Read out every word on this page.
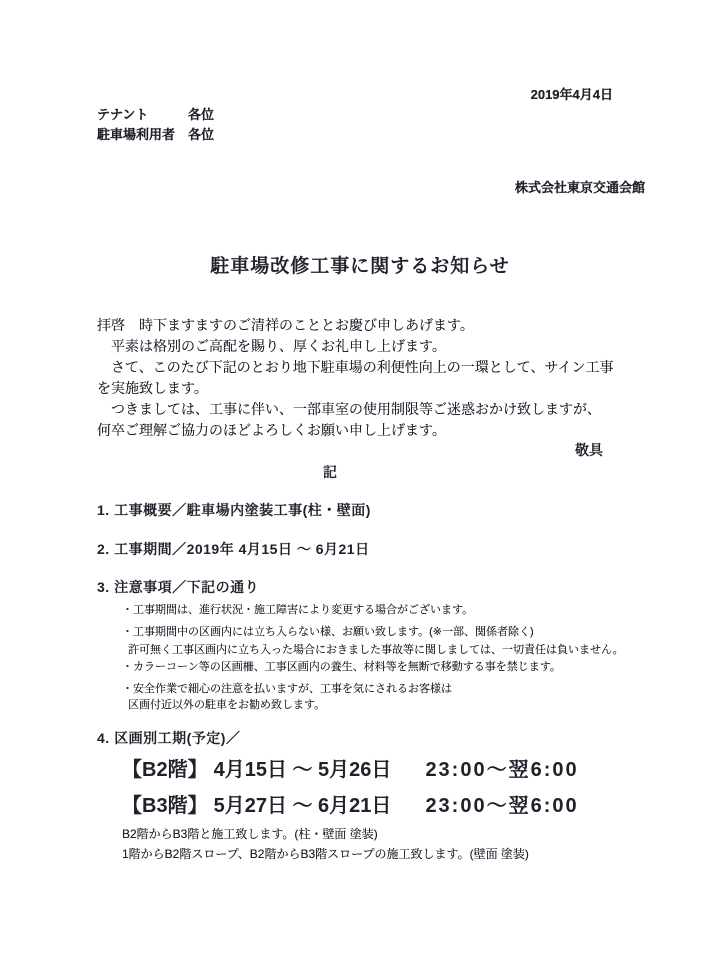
2019年4月4日
テナント	各位
駐車場利用者 各位
株式会社東京交通会館
駐車場改修工事に関するお知らせ
拝啓　時下ますますのご清祥のこととお慶び申しあげます。
　平素は格別のご高配を賜り、厚くお礼申し上げます。
　さて、このたび下記のとおり地下駐車場の利便性向上の一環として、サイン工事
を実施致します。
　つきましては、工事に伴い、一部車室の使用制限等ご迷惑おかけ致しますが、
何卒ご理解ご協力のほどよろしくお願い申し上げます。
敬具
記
1. 工事概要／駐車場内塗装工事(柱・壁面)
2. 工事期間／2019年 4月15日 ～ 6月21日
3. 注意事項／下記の通り
・工事期間は、進行状況・施工障害により変更する場合がございます。
・工事期間中の区画内には立ち入らない様、お願い致します。(※一部、関係者除く)
許可無く工事区画内に立ち入った場合におきました事故等に関しましては、一切責任は負いません。
・カラーコーン等の区画柵、工事区画内の養生、材料等を無断で移動する事を禁じます。
・安全作業で細心の注意を払いますが、工事を気にされるお客様は
区画付近以外の駐車をお勧め致します。
4. 区画別工期(予定)／
【B2階】 4月15日 ～ 5月26日 23:00～翌6:00
【B3階】 5月27日 ～ 6月21日 23:00～翌6:00
B2階からB3階と施工致します。(柱・壁面 塗装)
1階からB2階スロープ、B2階からB3階スロープの施工致します。(壁面 塗装)
